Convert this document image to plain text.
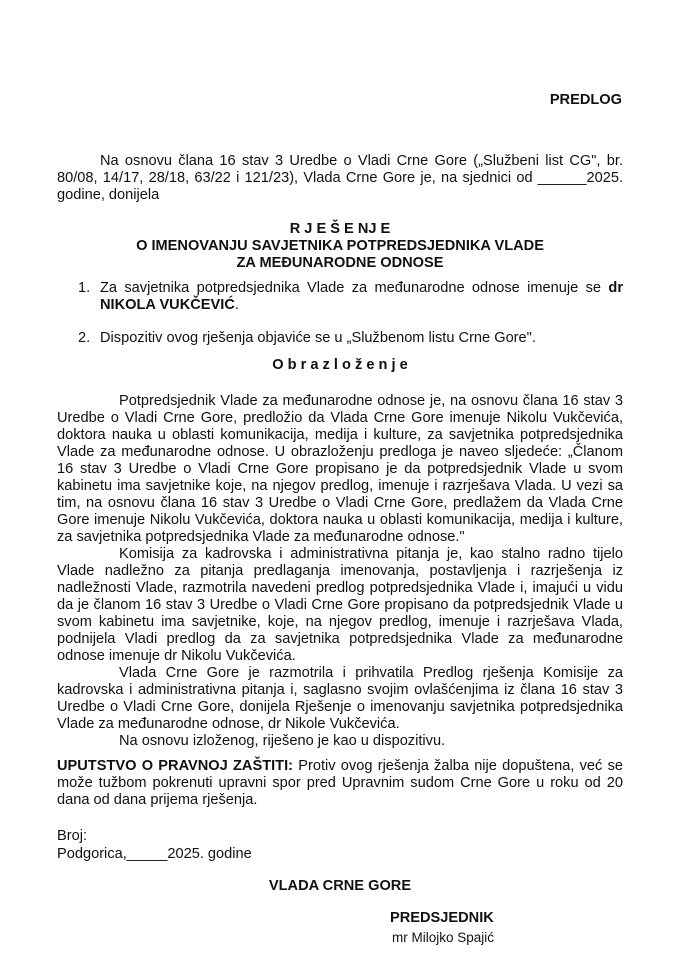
PREDLOG

Na osnovu člana 16 stav 3 Uredbe o Vladi Crne Gore („Službeni list CG", br. 80/08, 14/17, 28/18, 63/22 i 121/23), Vlada Crne Gore je, na sjednici od ______2025. godine, donijela

R J E Š E NJ E
O IMENOVANJU SAVJETNIKA POTPREDSJEDNIKA VLADE
ZA MEĐUNARODNE ODNOSE
1. Za savjetnika potpredsjednika Vlade za međunarodne odnose imenuje se dr NIKOLA VUKČEVIĆ.

2. Dispozitiv ovog rješenja objaviće se u „Službenom listu Crne Gore".

O b r a z l o ž e n j e

Potpredsjednik Vlade za međunarodne odnose je, na osnovu člana 16 stav 3 Uredbe o Vladi Crne Gore, predložio da Vlada Crne Gore imenuje Nikolu Vukčevića, doktora nauka u oblasti komunikacija, medija i kulture, za savjetnika potpredsjednika Vlade za međunarodne odnose. U obrazloženju predloga je naveo sljedeće: „Članom 16 stav 3 Uredbe o Vladi Crne Gore propisano je da potpredsjednik Vlade u svom kabinetu ima savjetnike koje, na njegov predlog, imenuje i razrješava Vlada. U vezi sa tim, na osnovu člana 16 stav 3 Uredbe o Vladi Crne Gore, predlažem da Vlada Crne Gore imenuje Nikolu Vukčevića, doktora nauka u oblasti komunikacija, medija i kulture, za savjetnika potpredsjednika Vlade za međunarodne odnose."

Komisija za kadrovska i administrativna pitanja je, kao stalno radno tijelo Vlade nadležno za pitanja predlaganja imenovanja, postavljenja i razrješenja iz nadležnosti Vlade, razmotrila navedeni predlog potpredsjednika Vlade i, imajući u vidu da je članom 16 stav 3 Uredbe o Vladi Crne Gore propisano da potpredsjednik Vlade u svom kabinetu ima savjetnike, koje, na njegov predlog, imenuje i razrješava Vlada, podnijela Vladi predlog da za savjetnika potpredsjednika Vlade za međunarodne odnose imenuje dr Nikolu Vukčevića.

Vlada Crne Gore je razmotrila i prihvatila Predlog rješenja Komisije za kadrovska i administrativna pitanja i, saglasno svojim ovlašćenjima iz člana 16 stav 3 Uredbe o Vladi Crne Gore, donijela Rješenje o imenovanju savjetnika potpredsjednika Vlade za međunarodne odnose, dr Nikole Vukčevića.

Na osnovu izloženog, riješeno je kao u dispozitivu.

UPUTSTVO O PRAVNOJ ZAŠTITI: Protiv ovog rješenja žalba nije dopuštena, već se može tužbom pokrenuti upravni spor pred Upravnim sudom Crne Gore u roku od 20 dana od dana prijema rješenja.

Broj:
Podgorica,_____2025. godine
VLADA CRNE GORE
PREDSJEDNIK
mr Milojko Spajić
